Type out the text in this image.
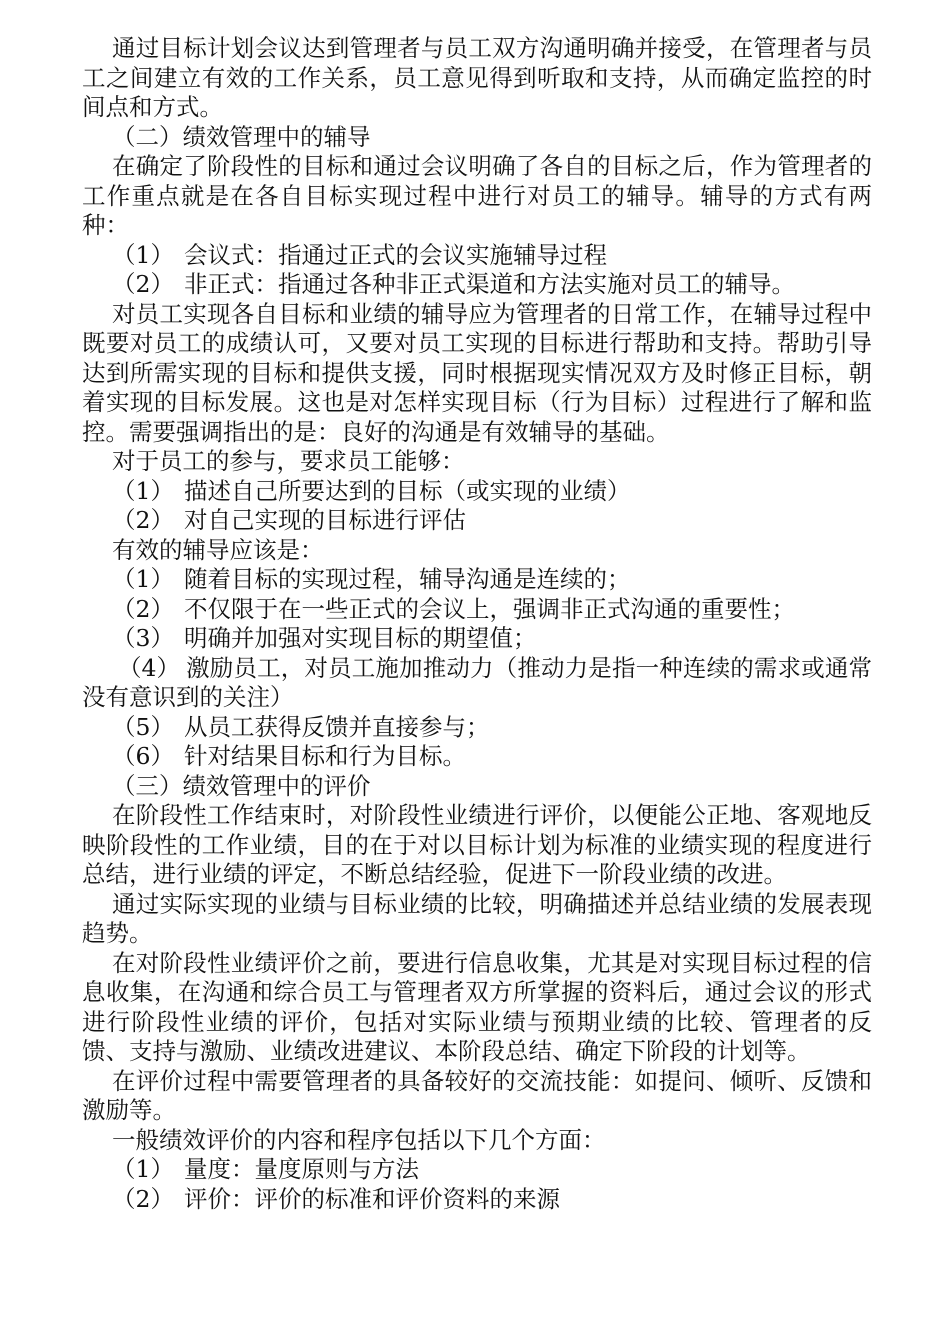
通过目标计划会议达到管理者与员工双方沟通明确并接受，在管理者与员工之间建立有效的工作关系，员工意见得到听取和支持，从而确定监控的时间点和方式。

（二）绩效管理中的辅导

在确定了阶段性的目标和通过会议明确了各自的目标之后，作为管理者的工作重点就是在各自目标实现过程中进行对员工的辅导。辅导的方式有两种：

（1） 会议式：指通过正式的会议实施辅导过程

（2） 非正式：指通过各种非正式渠道和方法实施对员工的辅导。

对员工实现各自目标和业绩的辅导应为管理者的日常工作，在辅导过程中既要对员工的成绩认可，又要对员工实现的目标进行帮助和支持。帮助引导达到所需实现的目标和提供支援，同时根据现实情况双方及时修正目标，朝着实现的目标发展。这也是对怎样实现目标（行为目标）过程进行了解和监控。需要强调指出的是：良好的沟通是有效辅导的基础。

对于员工的参与，要求员工能够：

（1） 描述自己所要达到的目标（或实现的业绩）

（2） 对自己实现的目标进行评估

有效的辅导应该是：

（1） 随着目标的实现过程，辅导沟通是连续的；

（2） 不仅限于在一些正式的会议上，强调非正式沟通的重要性；

（3） 明确并加强对实现目标的期望值；

（4） 激励员工，对员工施加推动力（推动力是指一种连续的需求或通常没有意识到的关注）

（5） 从员工获得反馈并直接参与；

（6） 针对结果目标和行为目标。

（三）绩效管理中的评价

在阶段性工作结束时，对阶段性业绩进行评价，以便能公正地、客观地反映阶段性的工作业绩，目的在于对以目标计划为标准的业绩实现的程度进行总结，进行业绩的评定，不断总结经验，促进下一阶段业绩的改进。

通过实际实现的业绩与目标业绩的比较，明确描述并总结业绩的发展表现趋势。

在对阶段性业绩评价之前，要进行信息收集，尤其是对实现目标过程的信息收集，在沟通和综合员工与管理者双方所掌握的资料后，通过会议的形式进行阶段性业绩的评价，包括对实际业绩与预期业绩的比较、管理者的反馈、支持与激励、业绩改进建议、本阶段总结、确定下阶段的计划等。

在评价过程中需要管理者的具备较好的交流技能：如提问、倾听、反馈和激励等。

一般绩效评价的内容和程序包括以下几个方面：

（1） 量度：量度原则与方法

（2） 评价：评价的标准和评价资料的来源
